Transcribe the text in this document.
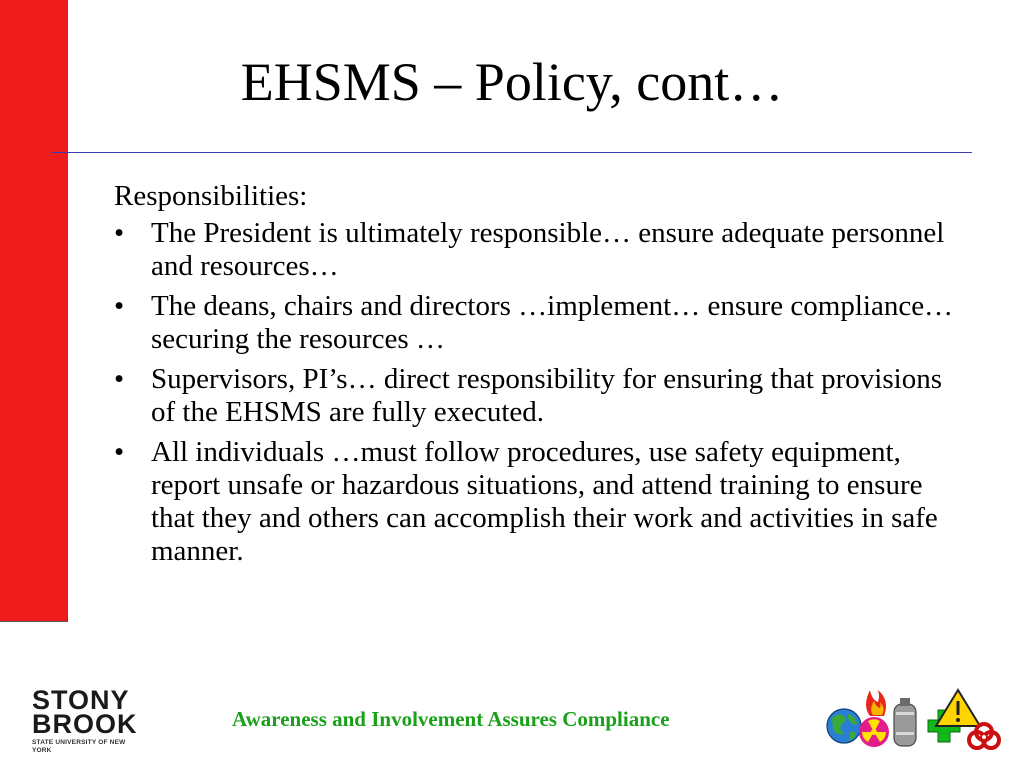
EHSMS – Policy, cont…

Responsibilities:

• The President is ultimately responsible… ensure adequate personnel and resources…
• The deans, chairs and directors …implement… ensure compliance… securing the resources …
• Supervisors, PI’s… direct responsibility for ensuring that provisions of the EHSMS are fully executed.
• All individuals …must follow procedures, use safety equipment, report unsafe or hazardous situations, and attend training to ensure that they and others can accomplish their work and activities in safe manner.
STONY
BROOK
STATE UNIVERSITY OF NEW YORK
Awareness and Involvement Assures Compliance
